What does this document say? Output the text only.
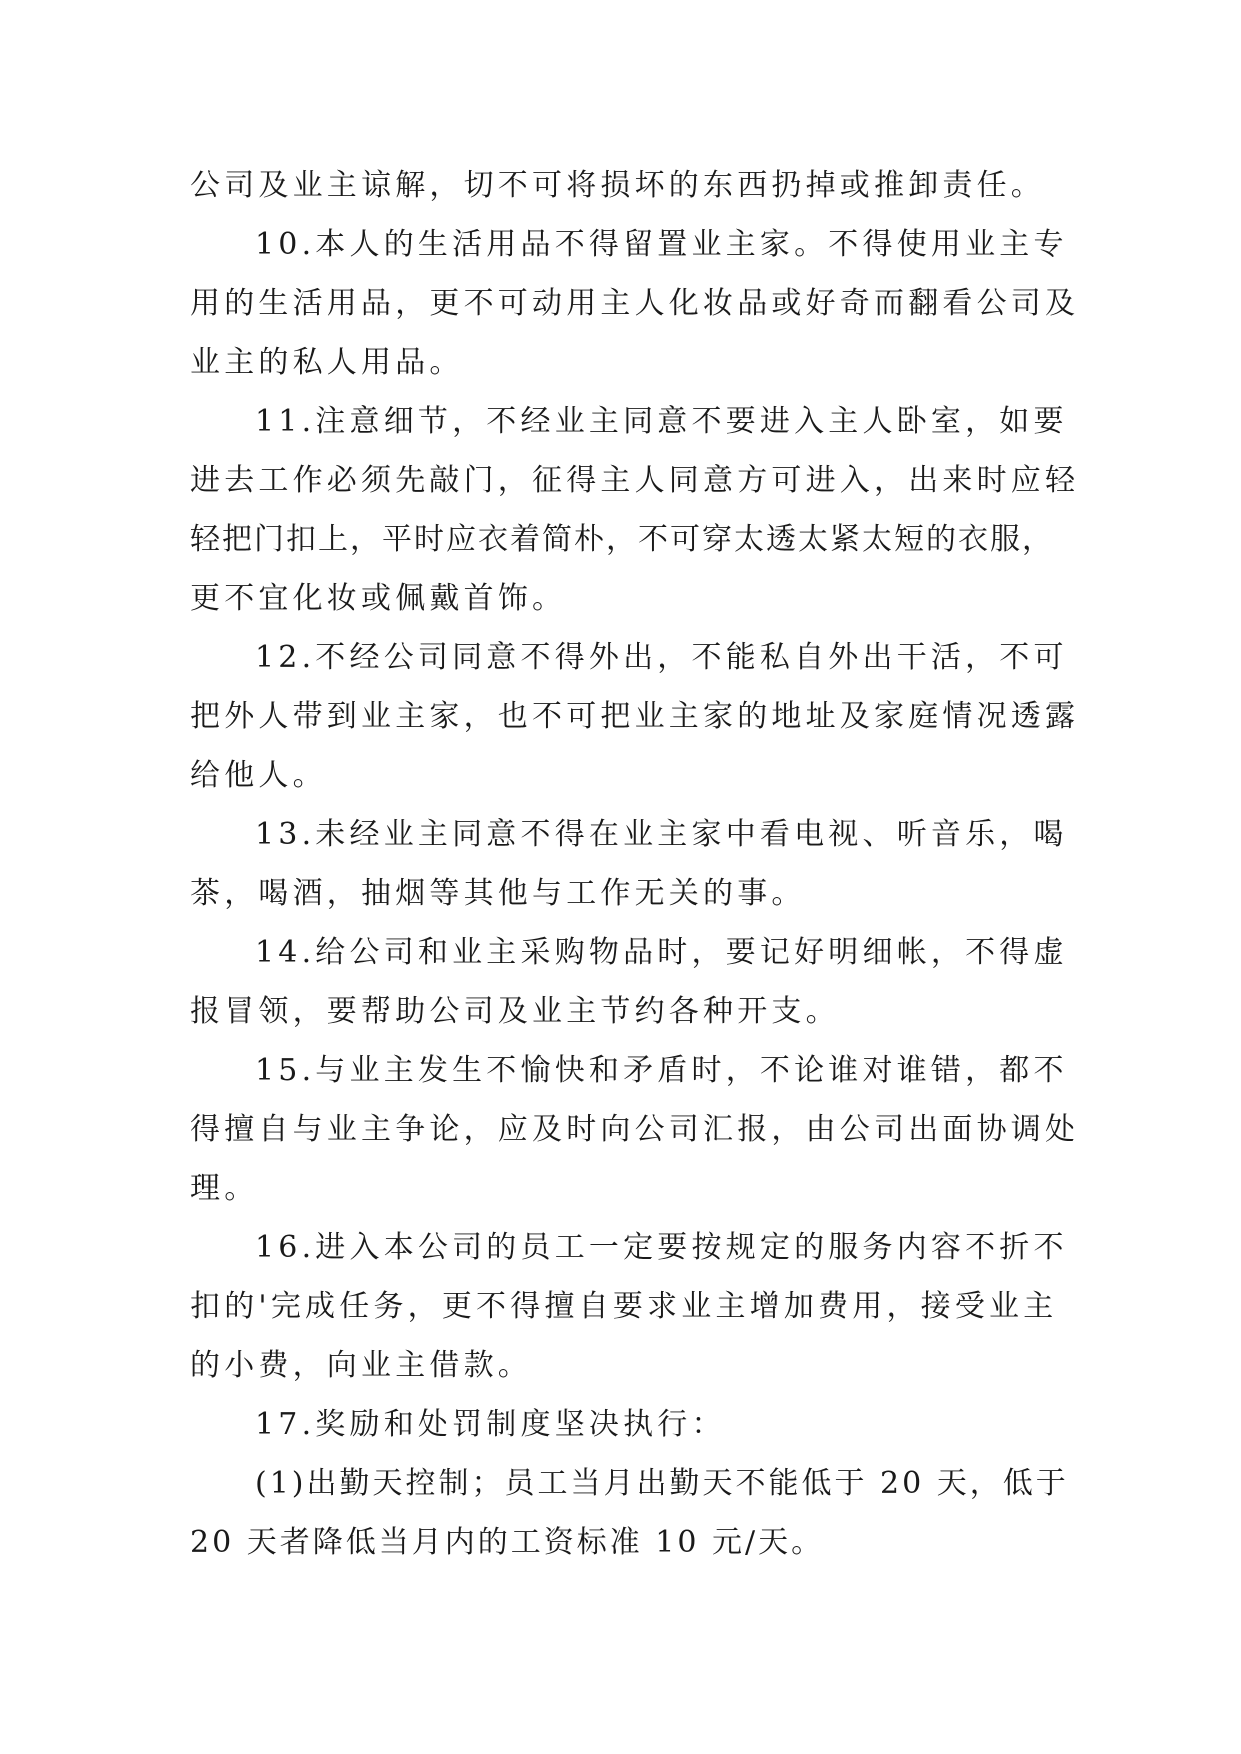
公司及业主谅解，切不可将损坏的东西扔掉或推卸责任。
10.本人的生活用品不得留置业主家。不得使用业主专
用的生活用品，更不可动用主人化妆品或好奇而翻看公司及
业主的私人用品。
11.注意细节，不经业主同意不要进入主人卧室，如要
进去工作必须先敲门，征得主人同意方可进入，出来时应轻
轻把门扣上，平时应衣着简朴，不可穿太透太紧太短的衣服，
更不宜化妆或佩戴首饰。
12.不经公司同意不得外出，不能私自外出干活，不可
把外人带到业主家，也不可把业主家的地址及家庭情况透露
给他人。
13.未经业主同意不得在业主家中看电视、听音乐，喝
茶，喝酒，抽烟等其他与工作无关的事。
14.给公司和业主采购物品时，要记好明细帐，不得虚
报冒领，要帮助公司及业主节约各种开支。
15.与业主发生不愉快和矛盾时，不论谁对谁错，都不
得擅自与业主争论，应及时向公司汇报，由公司出面协调处
理。
16.进入本公司的员工一定要按规定的服务内容不折不
扣的'完成任务，更不得擅自要求业主增加费用，接受业主
的小费，向业主借款。
17.奖励和处罚制度坚决执行：
(1)出勤天控制；员工当月出勤天不能低于 20 天，低于
20 天者降低当月内的工资标准 10 元/天。
